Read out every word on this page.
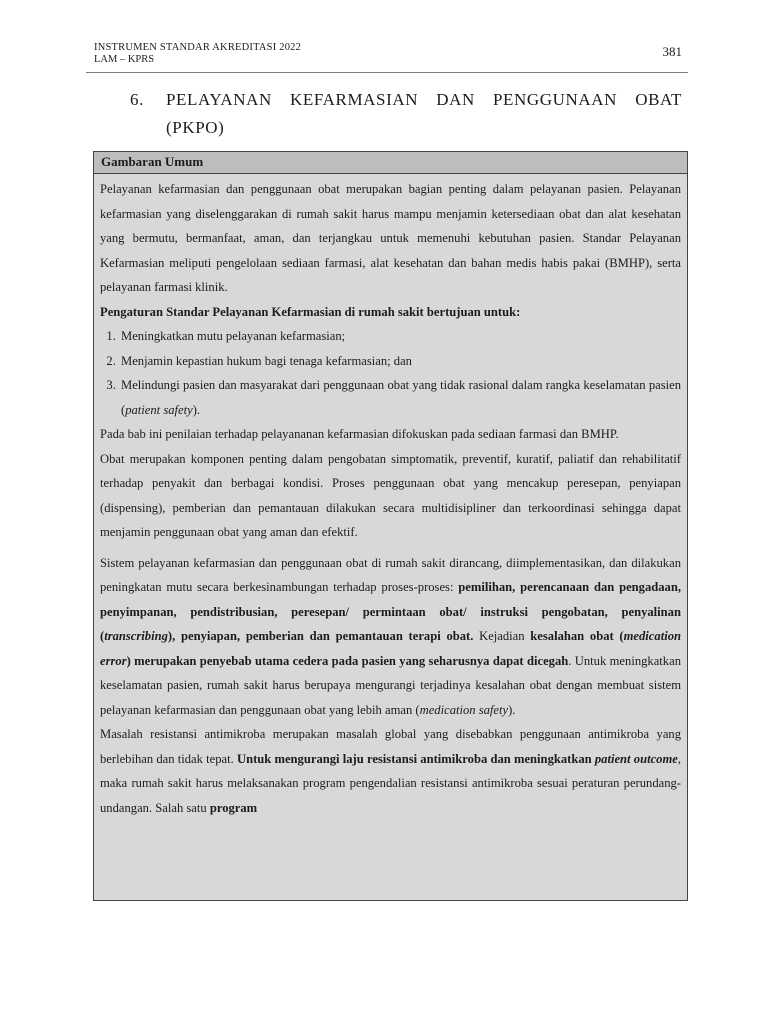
INSTRUMEN STANDAR AKREDITASI 2022
LAM – KPRS
381
6. PELAYANAN KEFARMASIAN DAN PENGGUNAAN OBAT
(PKPO)
Gambaran Umum

Pelayanan kefarmasian dan penggunaan obat merupakan bagian penting dalam pelayanan pasien. Pelayanan kefarmasian yang diselenggarakan di rumah sakit harus mampu menjamin ketersediaan obat dan alat kesehatan yang bermutu, bermanfaat, aman, dan terjangkau untuk memenuhi kebutuhan pasien. Standar Pelayanan Kefarmasian meliputi pengelolaan sediaan farmasi, alat kesehatan dan bahan medis habis pakai (BMHP), serta pelayanan farmasi klinik.

Pengaturan Standar Pelayanan Kefarmasian di rumah sakit bertujuan untuk:

1. Meningkatkan mutu pelayanan kefarmasian;
2. Menjamin kepastian hukum bagi tenaga kefarmasian; dan
3. Melindungi pasien dan masyarakat dari penggunaan obat yang tidak rasional dalam rangka keselamatan pasien (patient safety).

Pada bab ini penilaian terhadap pelayananan kefarmasian difokuskan pada sediaan farmasi dan BMHP.

Obat merupakan komponen penting dalam pengobatan simptomatik, preventif, kuratif, paliatif dan rehabilitatif terhadap penyakit dan berbagai kondisi. Proses penggunaan obat yang mencakup peresepan, penyiapan (dispensing), pemberian dan pemantauan dilakukan secara multidisipliner dan terkoordinasi sehingga dapat menjamin penggunaan obat yang aman dan efektif.

Sistem pelayanan kefarmasian dan penggunaan obat di rumah sakit dirancang, diimplementasikan, dan dilakukan peningkatan mutu secara berkesinambungan terhadap proses-proses: pemilihan, perencanaan dan pengadaan, penyimpanan, pendistribusian, peresepan/ permintaan obat/ instruksi pengobatan, penyalinan (transcribing), penyiapan, pemberian dan pemantauan terapi obat. Kejadian kesalahan obat (medication error) merupakan penyebab utama cedera pada pasien yang seharusnya dapat dicegah. Untuk meningkatkan keselamatan pasien, rumah sakit harus berupaya mengurangi terjadinya kesalahan obat dengan membuat sistem pelayanan kefarmasian dan penggunaan obat yang lebih aman (medication safety).

Masalah resistansi antimikroba merupakan masalah global yang disebabkan penggunaan antimikroba yang berlebihan dan tidak tepat. Untuk mengurangi laju resistansi antimikroba dan meningkatkan patient outcome, maka rumah sakit harus melaksanakan program pengendalian resistansi antimikroba sesuai peraturan perundang-undangan. Salah satu program
